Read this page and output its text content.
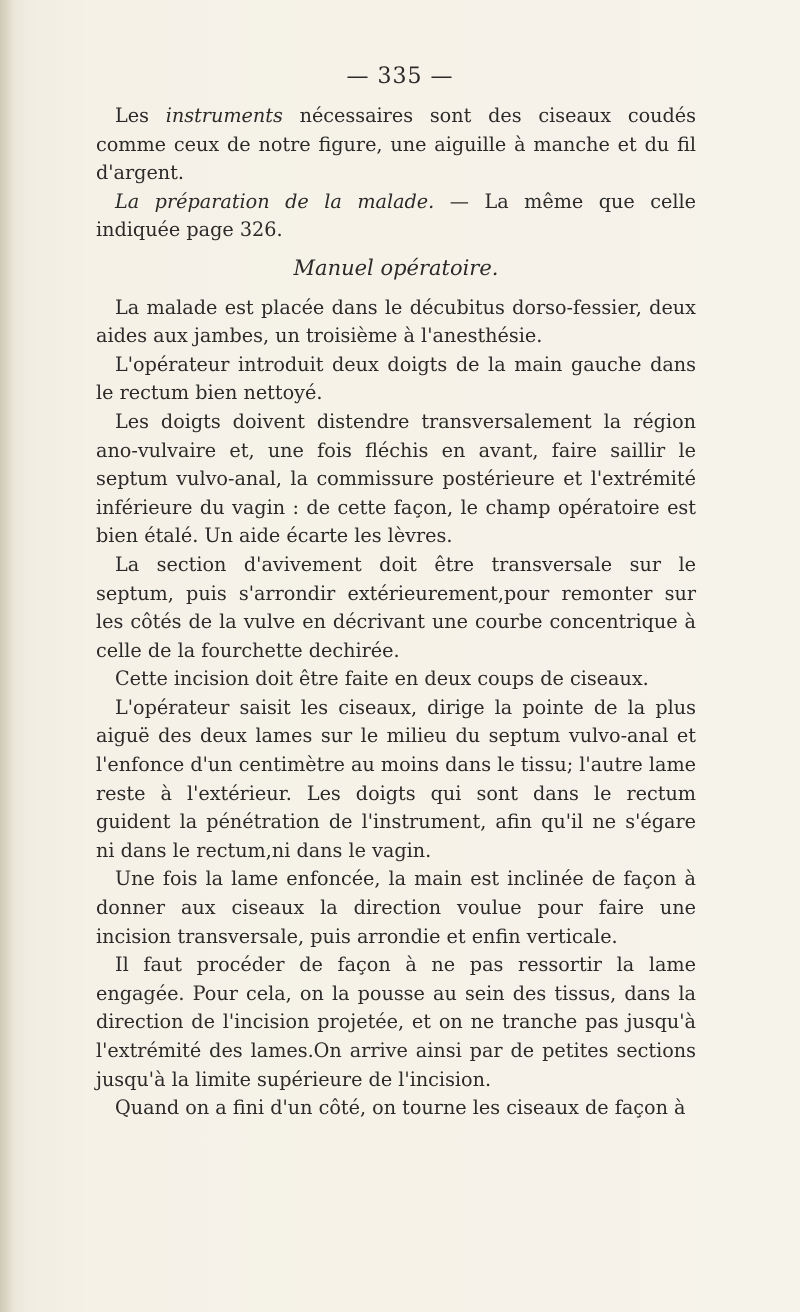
— 335 —

Les instruments nécessaires sont des ciseaux coudés comme ceux de notre figure, une aiguille à manche et du fil d'argent.

La préparation de la malade. — La même que celle indiquée page 326.

Manuel opératoire.

La malade est placée dans le décubitus dorso-fessier, deux aides aux jambes, un troisième à l'anesthésie.

L'opérateur introduit deux doigts de la main gauche dans le rectum bien nettoyé.

Les doigts doivent distendre transversalement la région ano-vulvaire et, une fois fléchis en avant, faire saillir le septum vulvo-anal, la commissure postérieure et l'extrémité inférieure du vagin : de cette façon, le champ opératoire est bien étalé. Un aide écarte les lèvres.

La section d'avivement doit être transversale sur le septum, puis s'arrondir extérieurement,pour remonter sur les côtés de la vulve en décrivant une courbe concentrique à celle de la fourchette dechirée.

Cette incision doit être faite en deux coups de ciseaux.

L'opérateur saisit les ciseaux, dirige la pointe de la plus aiguë des deux lames sur le milieu du septum vulvo-anal et l'enfonce d'un centimètre au moins dans le tissu; l'autre lame reste à l'extérieur. Les doigts qui sont dans le rectum guident la pénétration de l'instrument, afin qu'il ne s'égare ni dans le rectum,ni dans le vagin.

Une fois la lame enfoncée, la main est inclinée de façon à donner aux ciseaux la direction voulue pour faire une incision transversale, puis arrondie et enfin verticale.

Il faut procéder de façon à ne pas ressortir la lame engagée. Pour cela, on la pousse au sein des tissus, dans la direction de l'incision projetée, et on ne tranche pas jusqu'à l'extrémité des lames.On arrive ainsi par de petites sections jusqu'à la limite supérieure de l'incision.

Quand on a fini d'un côté, on tourne les ciseaux de façon à
